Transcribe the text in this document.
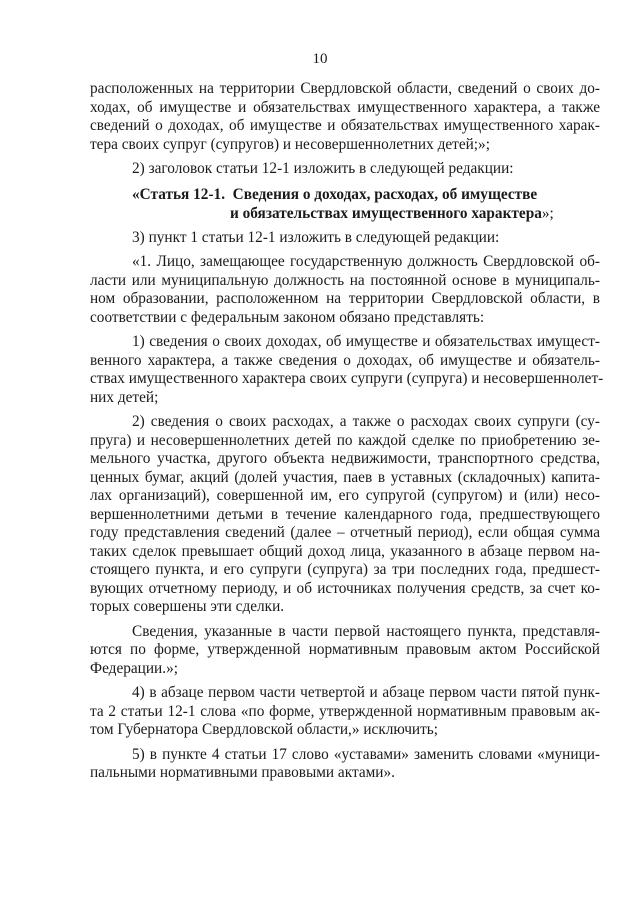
10
расположенных на территории Свердловской области, сведений о своих до-
ходах, об имуществе и обязательствах имущественного характера, а также
сведений о доходах, об имуществе и обязательствах имущественного харак-
тера своих супруг (супругов) и несовершеннолетних детей;»;
2) заголовок статьи 12-1 изложить в следующей редакции:
«Статья 12-1. Сведения о доходах, расходах, об имуществе
и обязательствах имущественного характера»;
3) пункт 1 статьи 12-1 изложить в следующей редакции:
«1. Лицо, замещающее государственную должность Свердловской об-
ласти или муниципальную должность на постоянной основе в муниципаль-
ном образовании, расположенном на территории Свердловской области, в
соответствии с федеральным законом обязано представлять:
1) сведения о своих доходах, об имуществе и обязательствах имущест-
венного характера, а также сведения о доходах, об имуществе и обязатель-
ствах имущественного характера своих супруги (супруга) и несовершеннолет-
них детей;
2) сведения о своих расходах, а также о расходах своих супруги (су-
пруга) и несовершеннолетних детей по каждой сделке по приобретению зе-
мельного участка, другого объекта недвижимости, транспортного средства,
ценных бумаг, акций (долей участия, паев в уставных (складочных) капита-
лах организаций), совершенной им, его супругой (супругом) и (или) несо-
вершеннолетними детьми в течение календарного года, предшествующего
году представления сведений (далее – отчетный период), если общая сумма
таких сделок превышает общий доход лица, указанного в абзаце первом на-
стоящего пункта, и его супруги (супруга) за три последних года, предшест-
вующих отчетному периоду, и об источниках получения средств, за счет ко-
торых совершены эти сделки.
Сведения, указанные в части первой настоящего пункта, представля-
ются по форме, утвержденной нормативным правовым актом Российской
Федерации.»;
4) в абзаце первом части четвертой и абзаце первом части пятой пунк-
та 2 статьи 12-1 слова «по форме, утвержденной нормативным правовым ак-
том Губернатора Свердловской области,» исключить;
5) в пункте 4 статьи 17 слово «уставами» заменить словами «муници-
пальными нормативными правовыми актами».
